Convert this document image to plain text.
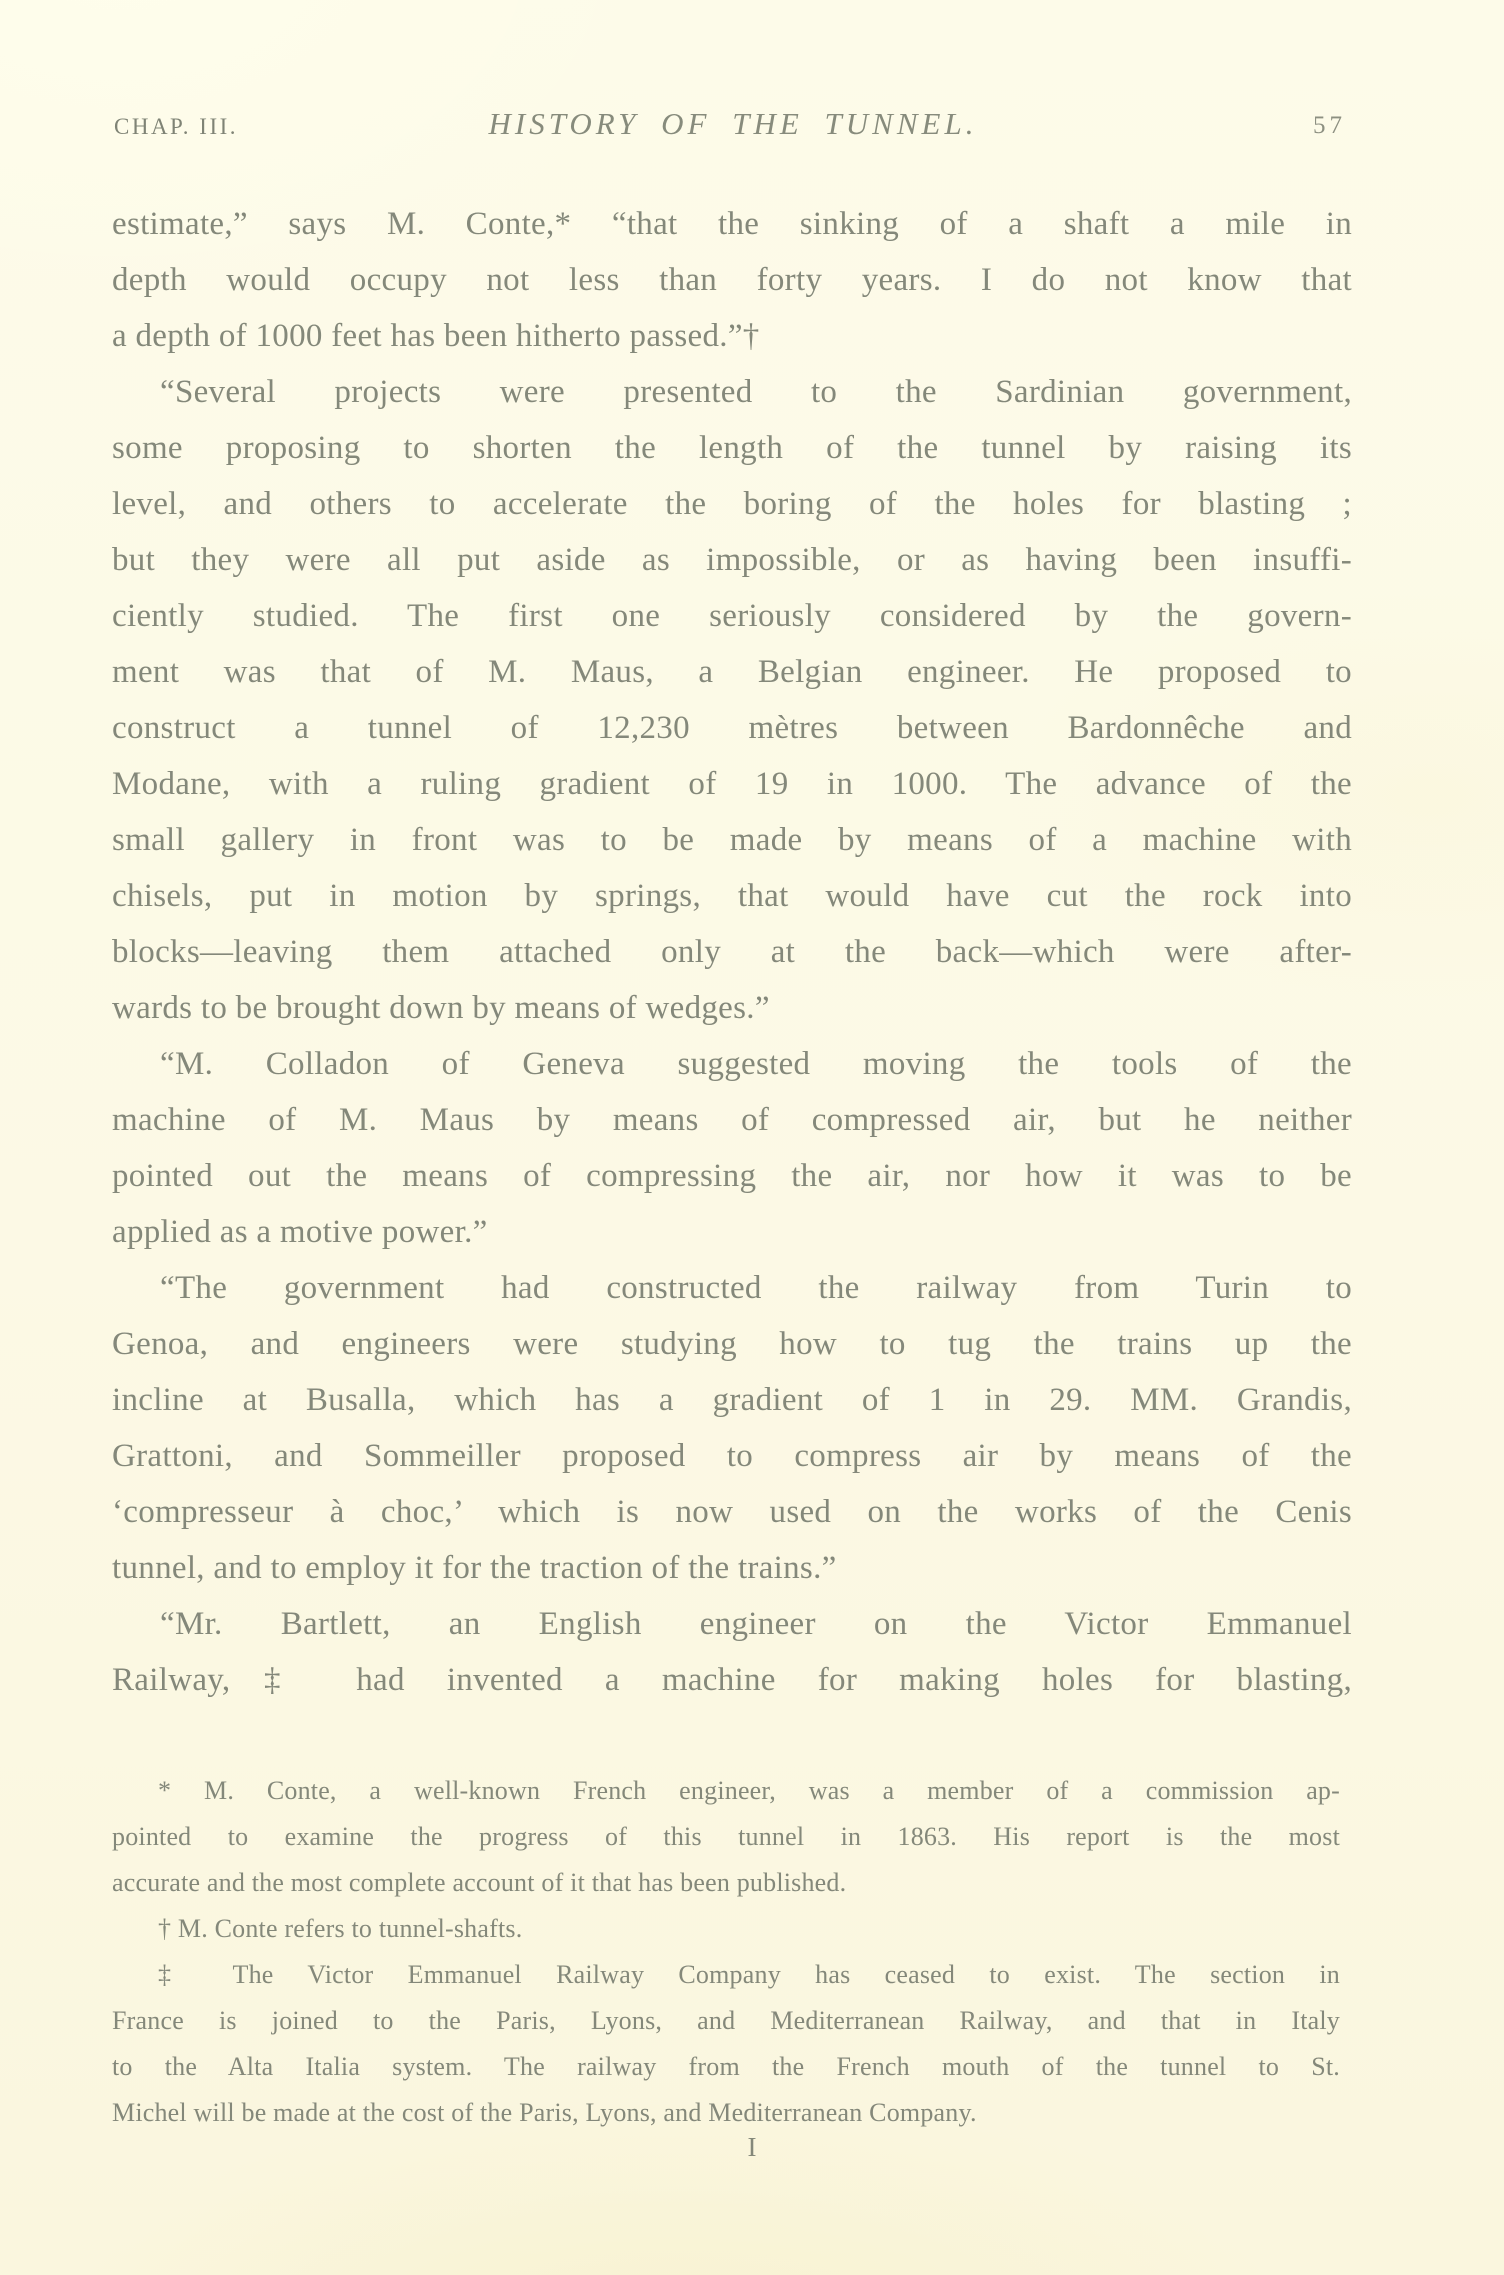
CHAP. III.	HISTORY OF THE TUNNEL.	57
estimate,” says M. Conte,* “that the sinking of a shaft a mile in
depth would occupy not less than forty years. I do not know that
a depth of 1000 feet has been hitherto passed.”†
“Several projects were presented to the Sardinian government,
some proposing to shorten the length of the tunnel by raising its
level, and others to accelerate the boring of the holes for blasting ;
but they were all put aside as impossible, or as having been insuffi-
ciently studied. The first one seriously considered by the govern-
ment was that of M. Maus, a Belgian engineer. He proposed to
construct a tunnel of 12,230 mètres between Bardonnêche and
Modane, with a ruling gradient of 19 in 1000. The advance of the
small gallery in front was to be made by means of a machine with
chisels, put in motion by springs, that would have cut the rock into
blocks—leaving them attached only at the back—which were after-
wards to be brought down by means of wedges.”
“M. Colladon of Geneva suggested moving the tools of the
machine of M. Maus by means of compressed air, but he neither
pointed out the means of compressing the air, nor how it was to be
applied as a motive power.”
“The government had constructed the railway from Turin to
Genoa, and engineers were studying how to tug the trains up the
incline at Busalla, which has a gradient of 1 in 29. MM. Grandis,
Grattoni, and Sommeiller proposed to compress air by means of the
‘compresseur à choc,’ which is now used on the works of the Cenis
tunnel, and to employ it for the traction of the trains.”
“Mr. Bartlett, an English engineer on the Victor Emmanuel
Railway,‡ had invented a machine for making holes for blasting,
* M. Conte, a well-known French engineer, was a member of a commission ap-
pointed to examine the progress of this tunnel in 1863. His report is the most
accurate and the most complete account of it that has been published.
† M. Conte refers to tunnel-shafts.
‡ The Victor Emmanuel Railway Company has ceased to exist. The section in
France is joined to the Paris, Lyons, and Mediterranean Railway, and that in Italy
to the Alta Italia system. The railway from the French mouth of the tunnel to St.
Michel will be made at the cost of the Paris, Lyons, and Mediterranean Company.
I
